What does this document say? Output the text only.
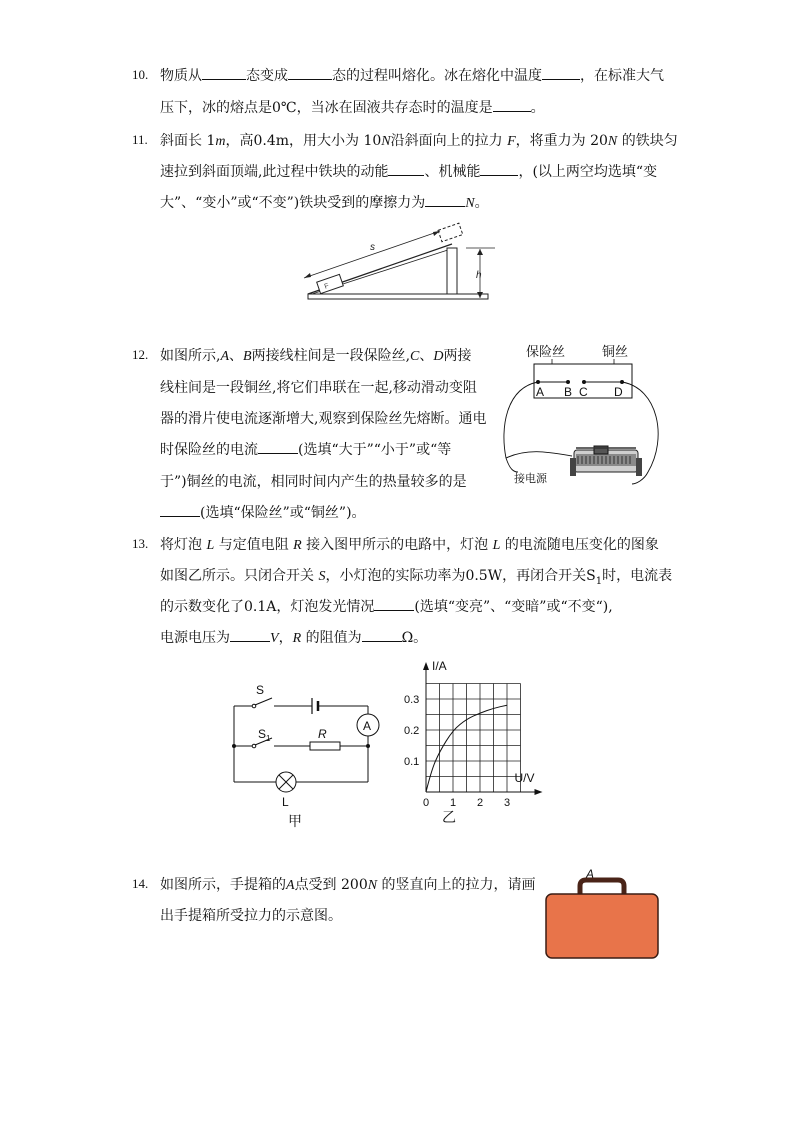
10. 物质从	态变成	态的过程叫熔化。冰在熔化中温度	，在标准大气
压下，冰的熔点是0℃，当冰在固液共存态时的温度是	。
11. 斜面长 1m，高0.4m，用大小为 10N沿斜面向上的拉力 F，将重力为 20N 的铁块匀
速拉到斜面顶端,此过程中铁块的动能	、机械能	，(以上两空均选填“变
大”、“变小”或“不变”)铁块受到的摩擦力为	N。
F
s
h
12. 如图所示,A、B两接线柱间是一段保险丝,C、D两接
线柱间是一段铜丝,将它们串联在一起,移动滑动变阻
器的滑片使电流逐渐增大,观察到保险丝先熔断。通电
时保险丝的电流	(选填“大于”“小于”或“等
于”)铜丝的电流，相同时间内产生的热量较多的是
(选填“保险丝”或“铜丝”)。
保险丝	铜丝
A B C D
接电源
13. 将灯泡 L 与定值电阻 R 接入图甲所示的电路中，灯泡 L 的电流随电压变化的图象
如图乙所示。只闭合开关 S，小灯泡的实际功率为0.5W，再闭合开关$S_1$时，电流表
的示数变化了0.1A，灯泡发光情况	(选填“变亮”、“变暗”或“不变“),
电源电压为	V，R 的阻值为	Ω。
S
A
$S_1$	R
L
甲
I/A
U/V
0 1 2 3
0.1
0.2
0.3
乙
14. 如图所示，手提箱的A点受到 200N 的竖直向上的拉力，请画
出手提箱所受拉力的示意图。
A
